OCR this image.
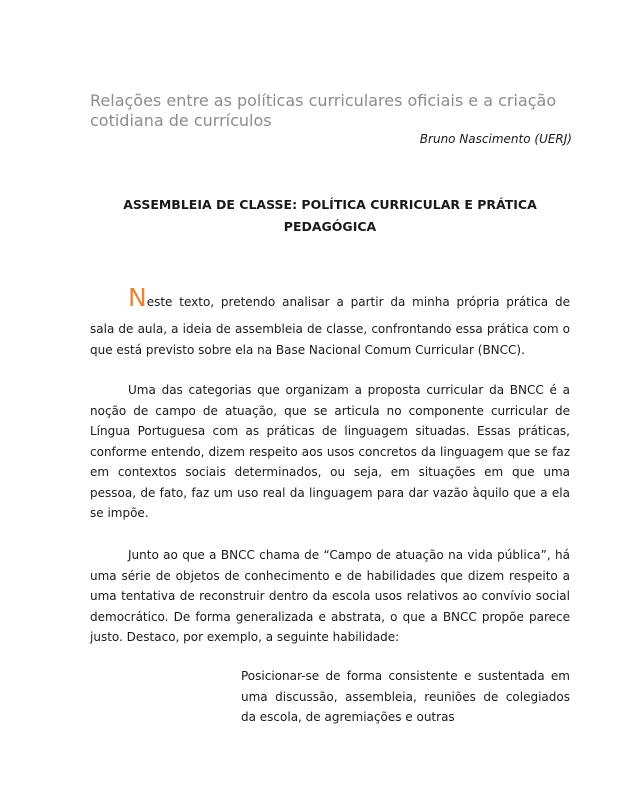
Relações entre as políticas curriculares oficiais e a criação cotidiana de currículos
Bruno Nascimento (UERJ)
ASSEMBLEIA DE CLASSE: POLÍTICA CURRICULAR E PRÁTICA PEDAGÓGICA
Neste texto, pretendo analisar a partir da minha própria prática de
sala de aula, a ideia de assembleia de classe, confrontando essa prática com o que está previsto sobre ela na Base Nacional Comum Curricular (BNCC).
Uma das categorias que organizam a proposta curricular da BNCC é a noção de campo de atuação, que se articula no componente curricular de Língua Portuguesa com as práticas de linguagem situadas. Essas práticas, conforme entendo, dizem respeito aos usos concretos da linguagem que se faz em contextos sociais determinados, ou seja, em situações em que uma pessoa, de fato, faz um uso real da linguagem para dar vazão àquilo que a ela se impõe.
Junto ao que a BNCC chama de “Campo de atuação na vida pública”, há uma série de objetos de conhecimento e de habilidades que dizem respeito a uma tentativa de reconstruir dentro da escola usos relativos ao convívio social democrático. De forma generalizada e abstrata, o que a BNCC propõe parece justo. Destaco, por exemplo, a seguinte habilidade:
Posicionar-se de forma consistente e sustentada em uma discussão, assembleia, reuniões de colegiados da escola, de agremiações e outras
